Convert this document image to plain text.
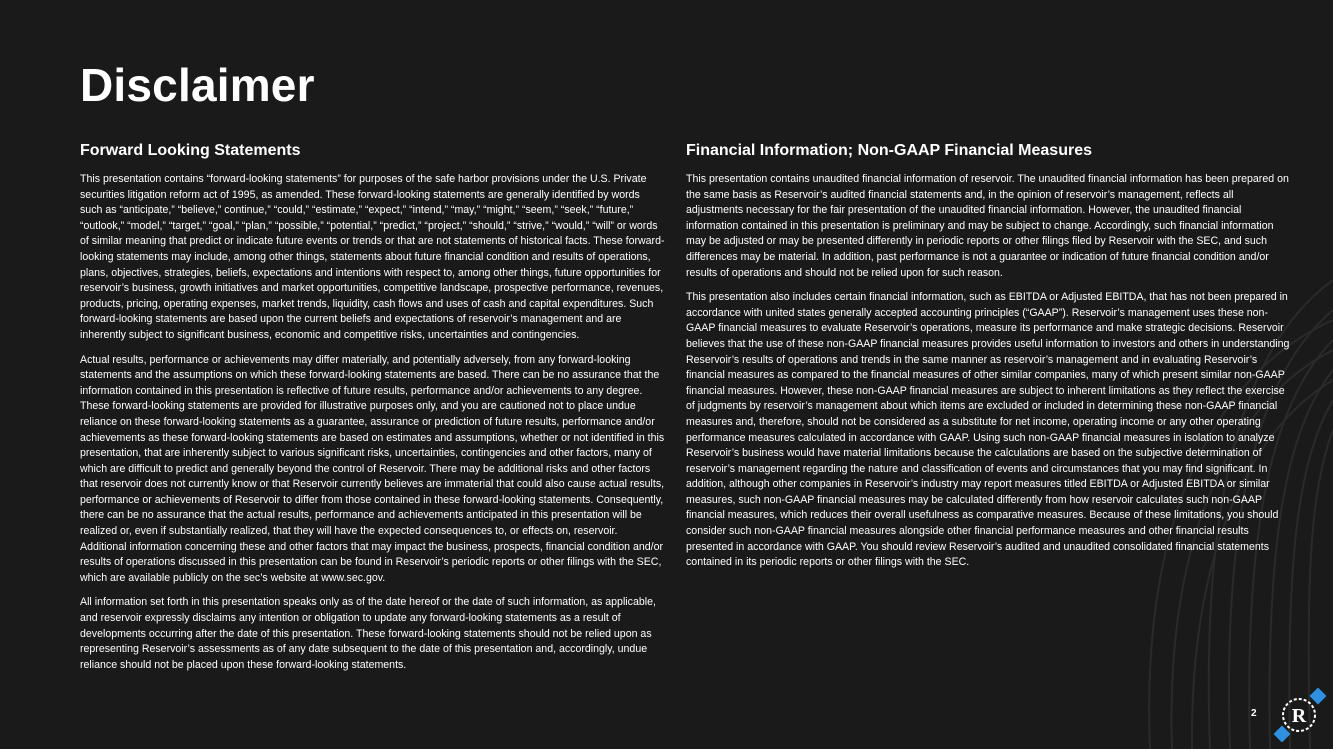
Disclaimer
Forward Looking Statements

This presentation contains “forward-looking statements” for purposes of the safe harbor provisions under the U.S. Private securities litigation reform act of 1995, as amended. These forward-looking statements are generally identified by words such as “anticipate,” “believe,” continue,” “could,” “estimate,” “expect,” “intend,” “may,” “might,” “seem,” “seek,” “future,” “outlook,” “model,” “target,” “goal,” “plan,” “possible,” “potential,” “predict,” “project,” “should,” “strive,” “would,” “will” or words of similar meaning that predict or indicate future events or trends or that are not statements of historical facts. These forward-looking statements may include, among other things, statements about future financial condition and results of operations, plans, objectives, strategies, beliefs, expectations and intentions with respect to, among other things, future opportunities for reservoir’s business, growth initiatives and market opportunities, competitive landscape, prospective performance, revenues, products, pricing, operating expenses, market trends, liquidity, cash flows and uses of cash and capital expenditures. Such forward-looking statements are based upon the current beliefs and expectations of reservoir’s management and are inherently subject to significant business, economic and competitive risks, uncertainties and contingencies.

Actual results, performance or achievements may differ materially, and potentially adversely, from any forward-looking statements and the assumptions on which these forward-looking statements are based. There can be no assurance that the information contained in this presentation is reflective of future results, performance and/or achievements to any degree. These forward-looking statements are provided for illustrative purposes only, and you are cautioned not to place undue reliance on these forward-looking statements as a guarantee, assurance or prediction of future results, performance and/or achievements as these forward-looking statements are based on estimates and assumptions, whether or not identified in this presentation, that are inherently subject to various significant risks, uncertainties, contingencies and other factors, many of which are difficult to predict and generally beyond the control of Reservoir. There may be additional risks and other factors that reservoir does not currently know or that Reservoir currently believes are immaterial that could also cause actual results, performance or achievements of Reservoir to differ from those contained in these forward-looking statements. Consequently, there can be no assurance that the actual results, performance and achievements anticipated in this presentation will be realized or, even if substantially realized, that they will have the expected consequences to, or effects on, reservoir. Additional information concerning these and other factors that may impact the business, prospects, financial condition and/or results of operations discussed in this presentation can be found in Reservoir’s periodic reports or other filings with the SEC, which are available publicly on the sec’s website at www.sec.gov.

All information set forth in this presentation speaks only as of the date hereof or the date of such information, as applicable, and reservoir expressly disclaims any intention or obligation to update any forward-looking statements as a result of developments occurring after the date of this presentation. These forward-looking statements should not be relied upon as representing Reservoir’s assessments as of any date subsequent to the date of this presentation and, accordingly, undue reliance should not be placed upon these forward-looking statements.

Financial Information; Non-GAAP Financial Measures

This presentation contains unaudited financial information of reservoir. The unaudited financial information has been prepared on the same basis as Reservoir’s audited financial statements and, in the opinion of reservoir’s management, reflects all adjustments necessary for the fair presentation of the unaudited financial information. However, the unaudited financial information contained in this presentation is preliminary and may be subject to change. Accordingly, such financial information may be adjusted or may be presented differently in periodic reports or other filings filed by Reservoir with the SEC, and such differences may be material. In addition, past performance is not a guarantee or indication of future financial condition and/or results of operations and should not be relied upon for such reason.

This presentation also includes certain financial information, such as EBITDA or Adjusted EBITDA, that has not been prepared in accordance with united states generally accepted accounting principles (“GAAP”). Reservoir’s management uses these non-GAAP financial measures to evaluate Reservoir’s operations, measure its performance and make strategic decisions. Reservoir believes that the use of these non-GAAP financial measures provides useful information to investors and others in understanding Reservoir’s results of operations and trends in the same manner as reservoir’s management and in evaluating Reservoir’s financial measures as compared to the financial measures of other similar companies, many of which present similar non-GAAP financial measures. However, these non-GAAP financial measures are subject to inherent limitations as they reflect the exercise of judgments by reservoir’s management about which items are excluded or included in determining these non-GAAP financial measures and, therefore, should not be considered as a substitute for net income, operating income or any other operating performance measures calculated in accordance with GAAP. Using such non-GAAP financial measures in isolation to analyze Reservoir’s business would have material limitations because the calculations are based on the subjective determination of reservoir’s management regarding the nature and classification of events and circumstances that you may find significant. In addition, although other companies in Reservoir’s industry may report measures titled EBITDA or Adjusted EBITDA or similar measures, such non-GAAP financial measures may be calculated differently from how reservoir calculates such non-GAAP financial measures, which reduces their overall usefulness as comparative measures. Because of these limitations, you should consider such non-GAAP financial measures alongside other financial performance measures and other financial results presented in accordance with GAAP. You should review Reservoir’s audited and unaudited consolidated financial statements contained in its periodic reports or other filings with the SEC.

2 R
